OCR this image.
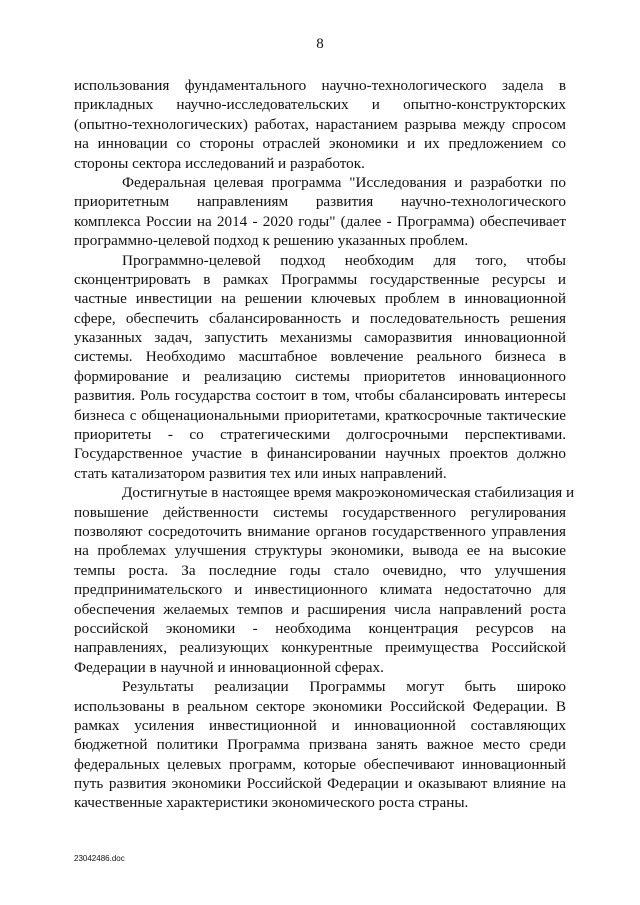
8
использования фундаментального научно-технологического задела в
прикладных научно-исследовательских и опытно-конструкторских
(опытно-технологических) работах, нарастанием разрыва между спросом
на инновации со стороны отраслей экономики и их предложением со
стороны сектора исследований и разработок.
Федеральная целевая программа "Исследования и разработки по
приоритетным направлениям развития научно-технологического
комплекса России на 2014 - 2020 годы" (далее - Программа) обеспечивает
программно-целевой подход к решению указанных проблем.
Программно-целевой подход необходим для того, чтобы
сконцентрировать в рамках Программы государственные ресурсы и
частные инвестиции на решении ключевых проблем в инновационной
сфере, обеспечить сбалансированность и последовательность решения
указанных задач, запустить механизмы саморазвития инновационной
системы. Необходимо масштабное вовлечение реального бизнеса в
формирование и реализацию системы приоритетов инновационного
развития. Роль государства состоит в том, чтобы сбалансировать интересы
бизнеса с общенациональными приоритетами, краткосрочные тактические
приоритеты - со стратегическими долгосрочными перспективами.
Государственное участие в финансировании научных проектов должно
стать катализатором развития тех или иных направлений.
Достигнутые в настоящее время макроэкономическая стабилизация и
повышение действенности системы государственного регулирования
позволяют сосредоточить внимание органов государственного управления
на проблемах улучшения структуры экономики, вывода ее на высокие
темпы роста. За последние годы стало очевидно, что улучшения
предпринимательского и инвестиционного климата недостаточно для
обеспечения желаемых темпов и расширения числа направлений роста
российской экономики - необходима концентрация ресурсов на
направлениях, реализующих конкурентные преимущества Российской
Федерации в научной и инновационной сферах.
Результаты реализации Программы могут быть широко
использованы в реальном секторе экономики Российской Федерации. В
рамках усиления инвестиционной и инновационной составляющих
бюджетной политики Программа призвана занять важное место среди
федеральных целевых программ, которые обеспечивают инновационный
путь развития экономики Российской Федерации и оказывают влияние на
качественные характеристики экономического роста страны.
23042486.doc
